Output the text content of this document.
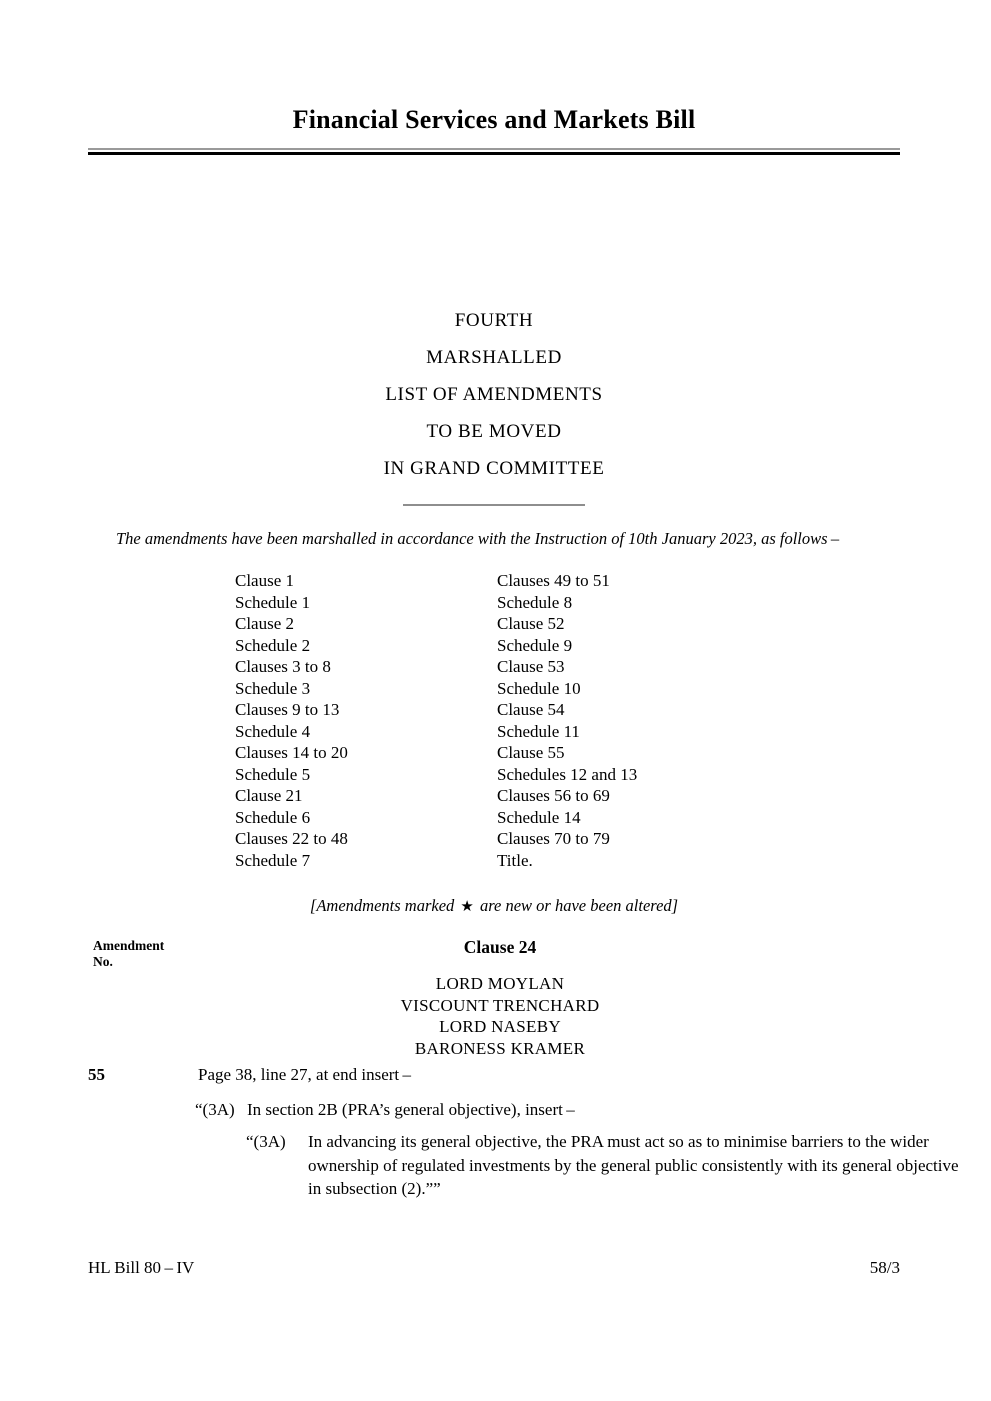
Financial Services and Markets Bill
FOURTH
MARSHALLED
LIST OF AMENDMENTS
TO BE MOVED
IN GRAND COMMITTEE
The amendments have been marshalled in accordance with the Instruction of 10th January 2023, as follows –
Clause 1
Schedule 1
Clause 2
Schedule 2
Clauses 3 to 8
Schedule 3
Clauses 9 to 13
Schedule 4
Clauses 14 to 20
Schedule 5
Clause 21
Schedule 6
Clauses 22 to 48
Schedule 7
Clauses 49 to 51
Schedule 8
Clause 52
Schedule 9
Clause 53
Schedule 10
Clause 54
Schedule 11
Clause 55
Schedules 12 and 13
Clauses 56 to 69
Schedule 14
Clauses 70 to 79
Title.
[Amendments marked ★ are new or have been altered]
Amendment
No.
Clause 24
LORD MOYLAN
VISCOUNT TRENCHARD
LORD NASEBY
BARONESS KRAMER
55	Page 38, line 27, at end insert –
“(3A) In section 2B (PRA’s general objective), insert –
“(3A) In advancing its general objective, the PRA must act so as to minimise barriers to the wider ownership of regulated investments by the general public consistently with its general objective in subsection (2).””
HL Bill 80 – IV	58/3
